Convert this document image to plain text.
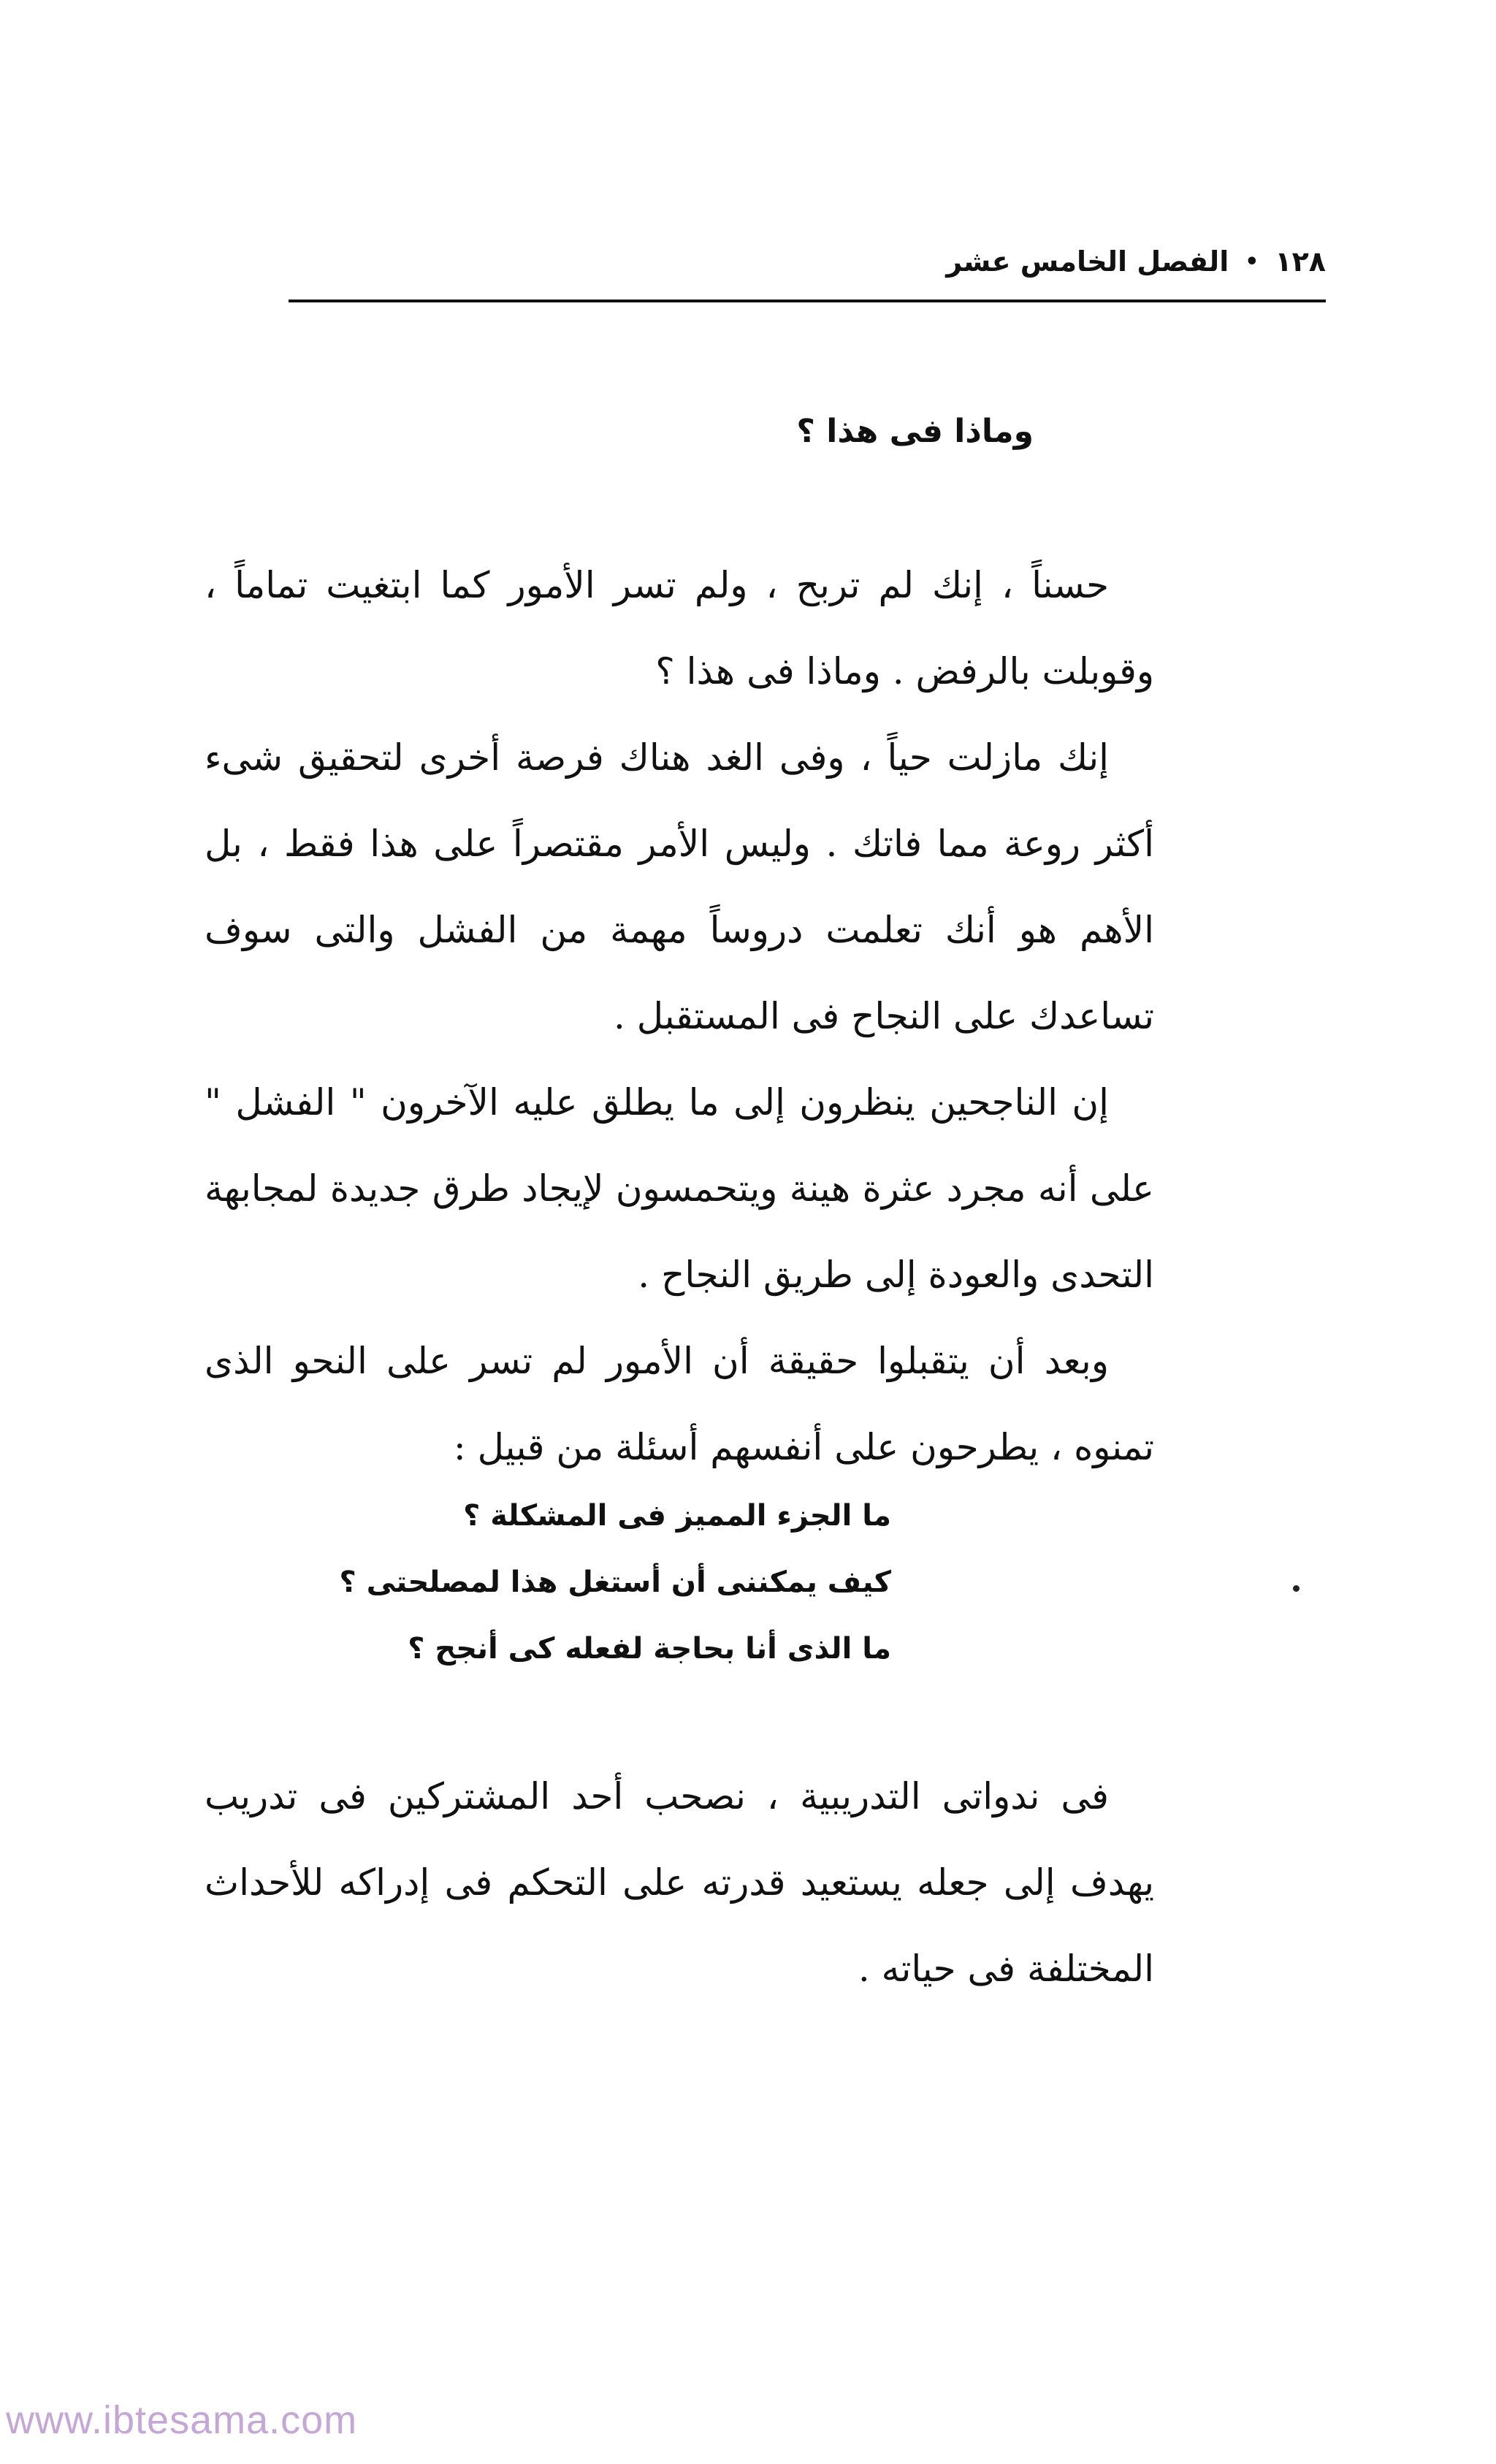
١٢٨
•
الفصل الخامس عشر
وماذا فى هذا ؟

حسناً ، إنك لم تربح ، ولم تسر الأمور كما ابتغيت تماماً ، وقوبلت بالرفض . وماذا فى هذا ؟

إنك مازلت حياً ، وفى الغد هناك فرصة أخرى لتحقيق شىء أكثر روعة مما فاتك . وليس الأمر مقتصراً على هذا فقط ، بل الأهم هو أنك تعلمت دروساً مهمة من الفشل والتى سوف تساعدك على النجاح فى المستقبل .

إن الناجحين ينظرون إلى ما يطلق عليه الآخرون " الفشل " على أنه مجرد عثرة هينة ويتحمسون لإيجاد طرق جديدة لمجابهة التحدى والعودة إلى طريق النجاح .

وبعد أن يتقبلوا حقيقة أن الأمور لم تسر على النحو الذى تمنوه ، يطرحون على أنفسهم أسئلة من قبيل :

ما الجزء المميز فى المشكلة ؟
كيف يمكننى أن أستغل هذا لمصلحتى ؟
ما الذى أنا بحاجة لفعله كى أنجح ؟

فى ندواتى التدريبية ، نصحب أحد المشتركين فى تدريب يهدف إلى جعله يستعيد قدرته على التحكم فى إدراكه للأحداث المختلفة فى حياته .

www.ibtesama.com
